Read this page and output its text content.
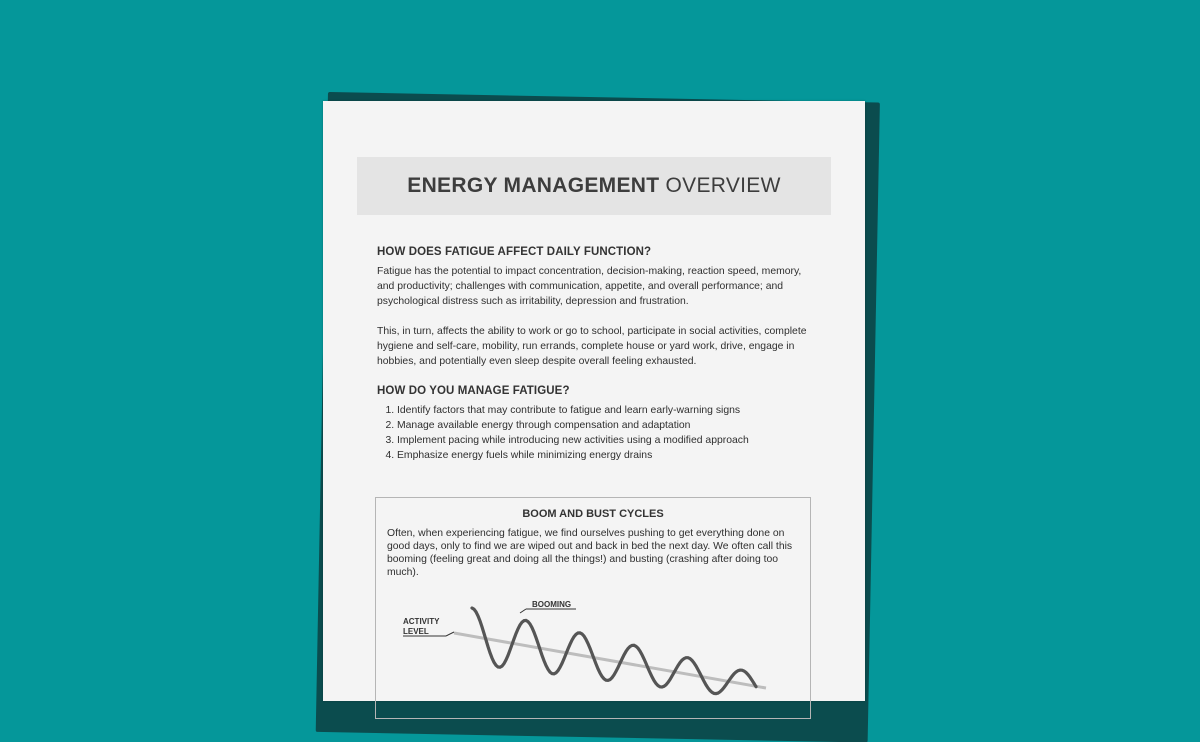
ENERGY MANAGEMENT OVERVIEW
HOW DOES FATIGUE AFFECT DAILY FUNCTION?

Fatigue has the potential to impact concentration, decision-making, reaction speed, memory, and productivity; challenges with communication, appetite, and overall performance; and psychological distress such as irritability, depression and frustration.

This, in turn, affects the ability to work or go to school, participate in social activities, complete hygiene and self-care, mobility, run errands, complete house or yard work, drive, engage in hobbies, and potentially even sleep despite overall feeling exhausted.

HOW DO YOU MANAGE FATIGUE?
1. Identify factors that may contribute to fatigue and learn early-warning signs
2. Manage available energy through compensation and adaptation
3. Implement pacing while introducing new activities using a modified approach
4. Emphasize energy fuels while minimizing energy drains
BOOM AND BUST CYCLES

Often, when experiencing fatigue, we find ourselves pushing to get everything done on good days, only to find we are wiped out and back in bed the next day. We often call this booming (feeling great and doing all the things!) and busting (crashing after doing too much).

BOOMING
ACTIVITY
LEVEL
